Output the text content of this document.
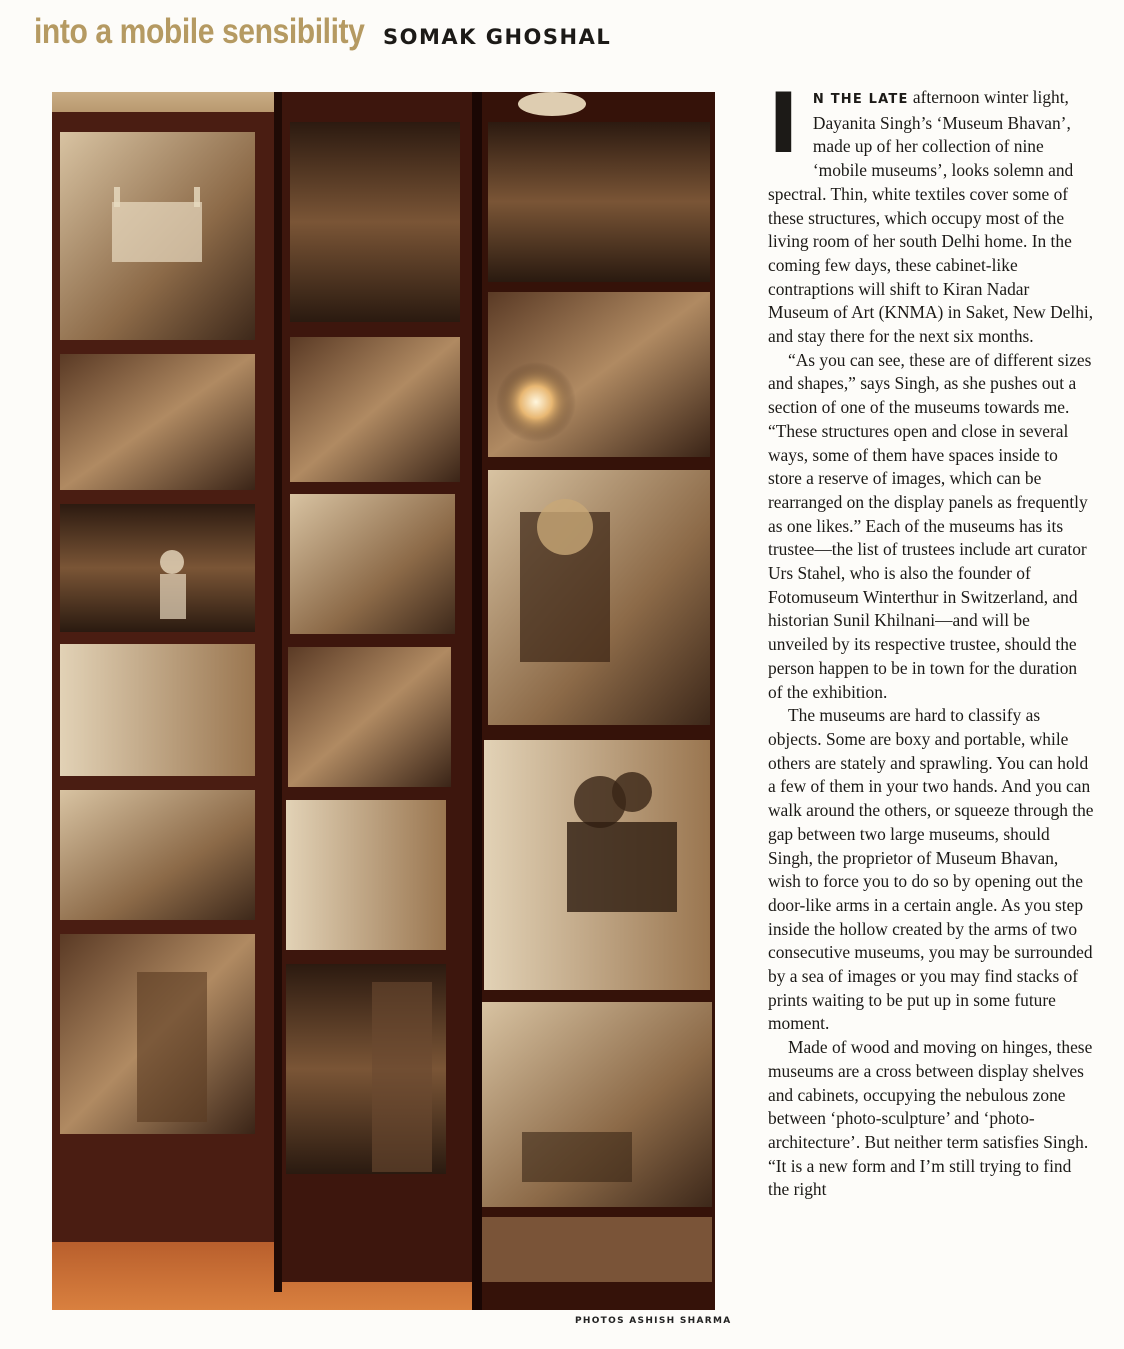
into a mobile sensibility SOMAK GHOSHAL
PHOTOS ASHISH SHARMA

I N THE LATE afternoon winter light, Dayanita Singh’s ‘Museum Bhavan’, made up of her collection of nine ‘mobile museums’, looks solemn and spectral. Thin, white textiles cover some of these structures, which occupy most of the living room of her south Delhi home. In the coming few days, these cabinet-like contraptions will shift to Kiran Nadar Museum of Art (KNMA) in Saket, New Delhi, and stay there for the next six months.

“As you can see, these are of different sizes and shapes,” says Singh, as she pushes out a section of one of the museums towards me. “These structures open and close in several ways, some of them have spaces inside to store a reserve of images, which can be rearranged on the display panels as frequently as one likes.” Each of the museums has its trustee—the list of trustees include art curator Urs Stahel, who is also the founder of Fotomuseum Winterthur in Switzerland, and historian Sunil Khilnani—and will be unveiled by its respective trustee, should the person happen to be in town for the duration of the exhibition.

The museums are hard to classify as objects. Some are boxy and portable, while others are stately and sprawling. You can hold a few of them in your two hands. And you can walk around the others, or squeeze through the gap between two large museums, should Singh, the proprietor of Museum Bhavan, wish to force you to do so by opening out the door-like arms in a certain angle. As you step inside the hollow created by the arms of two consecutive museums, you may be surrounded by a sea of images or you may find stacks of prints waiting to be put up in some future moment.

Made of wood and moving on hinges, these museums are a cross between display shelves and cabinets, occupying the nebulous zone between ‘photo-sculpture’ and ‘photo-architecture’. But neither term satisfies Singh. “It is a new form and I’m still trying to find the right
